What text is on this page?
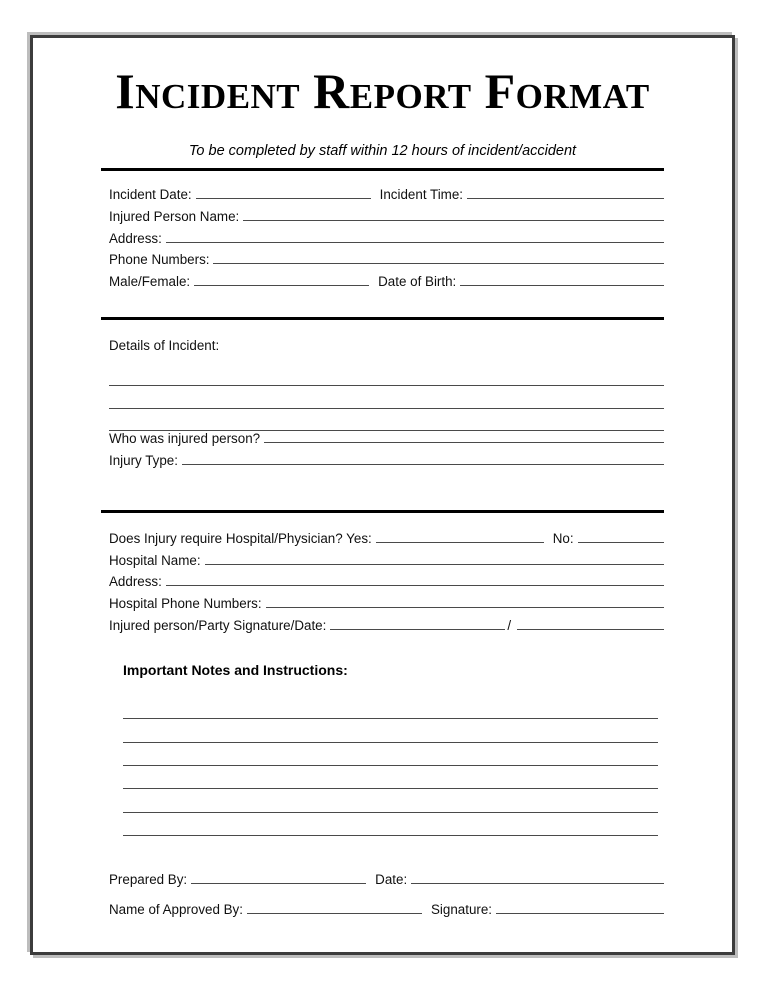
Incident Report Format
To be completed by staff within 12 hours of incident/accident
Incident Date:	Incident Time:
Injured Person Name:
Address:
Phone Numbers:
Male/Female:	Date of Birth:
Details of Incident:
Who was injured person?
Injury Type:
Does Injury require Hospital/Physician? Yes:	No:
Hospital Name:
Address:
Hospital Phone Numbers:
Injured person/Party Signature/Date:	/
Important Notes and Instructions:
Prepared By:	Date:
Name of Approved By:	Signature:
